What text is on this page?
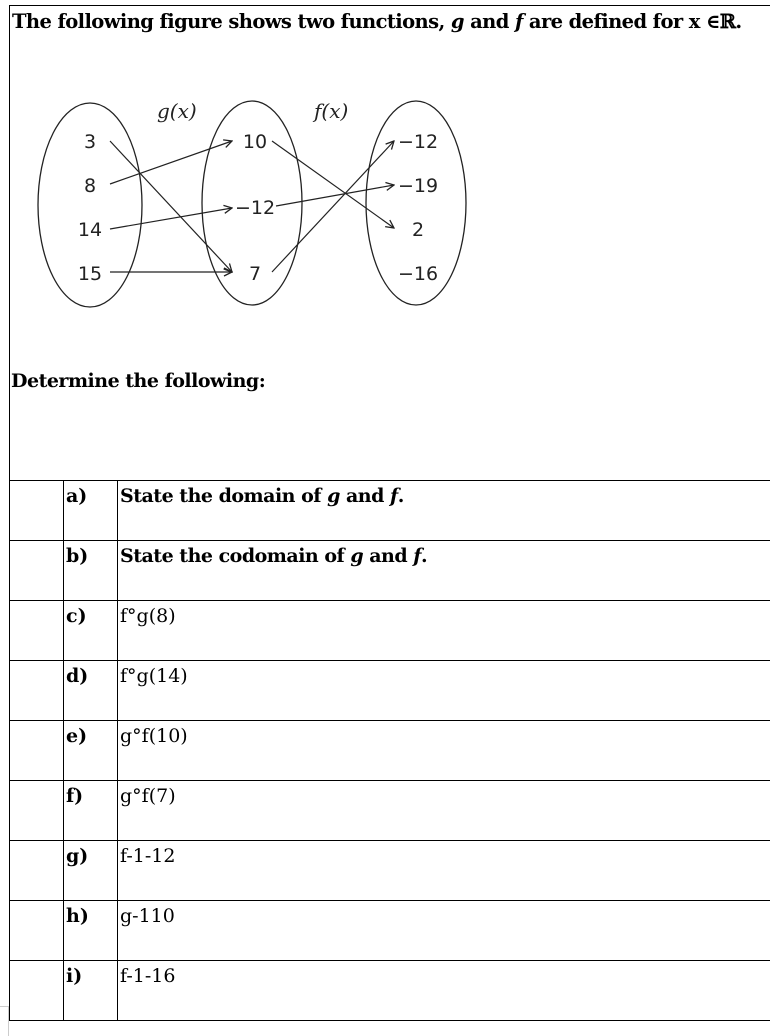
The following figure shows two functions, g and f are defined for x ∈ℝ.
g(x)	f(x)
3
8
14
15
10
−12
7
−12
−19
2
−16
Determine the following:
	a)	State the domain of g and f.
	b)	State the codomain of g and f.
	c)	f°g(8)
	d)	f°g(14)
	e)	g°f(10)
	f)	g°f(7)
	g)	f-1-12
	h)	g-110
	i)	f-1-16
